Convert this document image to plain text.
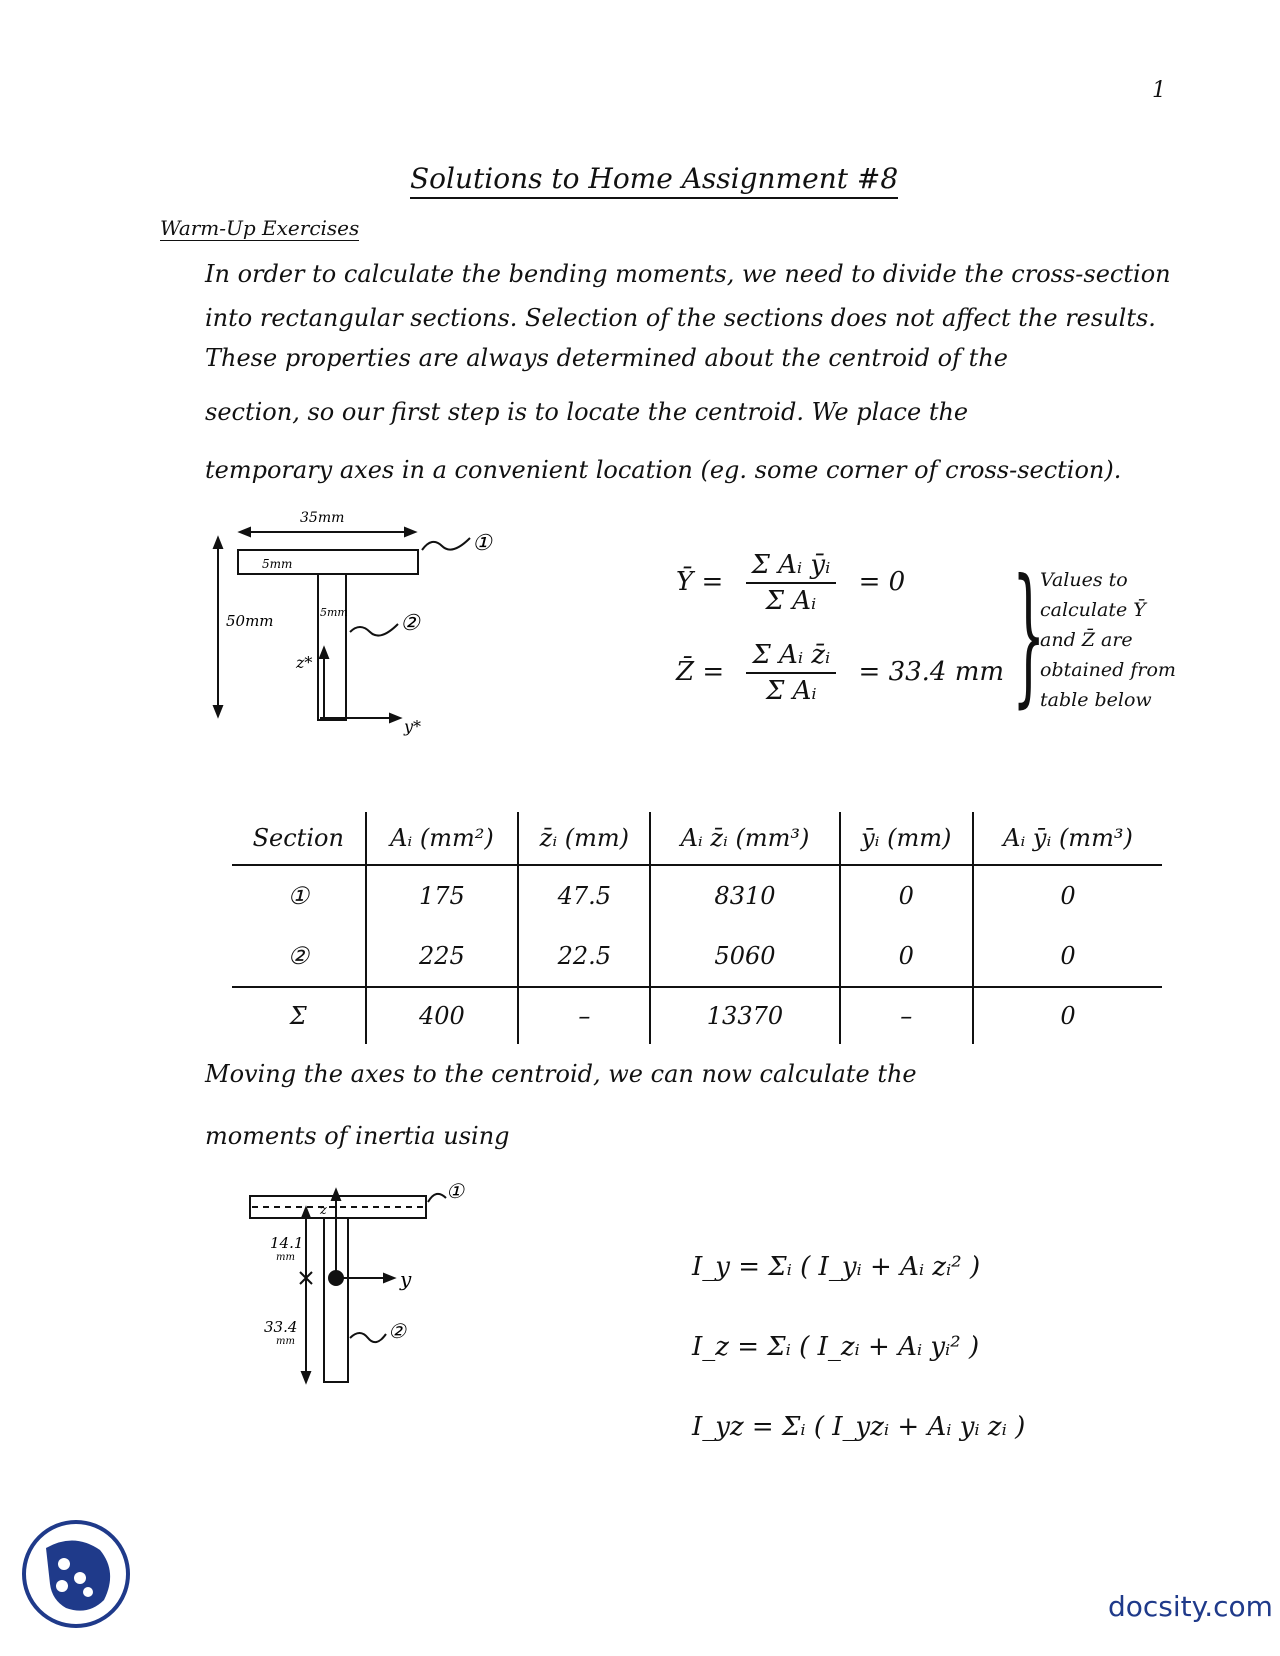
1
Solutions to Home Assignment #8
Warm-Up Exercises
In order to calculate the bending moments, we need to divide the cross-section
into rectangular sections. Selection of the sections does not affect the results.
These properties are always determined about the centroid of the
section, so our first step is to locate the centroid. We place the
temporary axes in a convenient location (eg. some corner of cross-section).
35mm
5mm
50mm	5mm
①
②
z*
y*
Ȳ = $\frac{\text{Σ Aᵢ ȳᵢ}}{\text{Σ Aᵢ}} = 0$
Z̄ = $\frac{\text{Σ Aᵢ z̄ᵢ}}{\text{Σ Aᵢ}} = 33.4$ mm }
Values to calculate Ȳ and Z̄ are obtained from table below
Section	Aᵢ (mm²)	z̄ᵢ (mm)	Aᵢ z̄ᵢ (mm³)	ȳᵢ (mm)	Aᵢ ȳᵢ (mm³)
①	175	47.5	8310	0	0
②	225	22.5	5060	0	0
Σ	400	–	13370	–	0
Moving the axes to the centroid, we can now calculate the
moments of inertia using
14.1
mm
33.4
mm
z
y
①
②
I_y = Σᵢ ( I_yᵢ + Aᵢ zᵢ² )
I_z = Σᵢ ( I_zᵢ + Aᵢ yᵢ² )
I_yz = Σᵢ ( I_yzᵢ + Aᵢ yᵢ zᵢ )
docsity.com
